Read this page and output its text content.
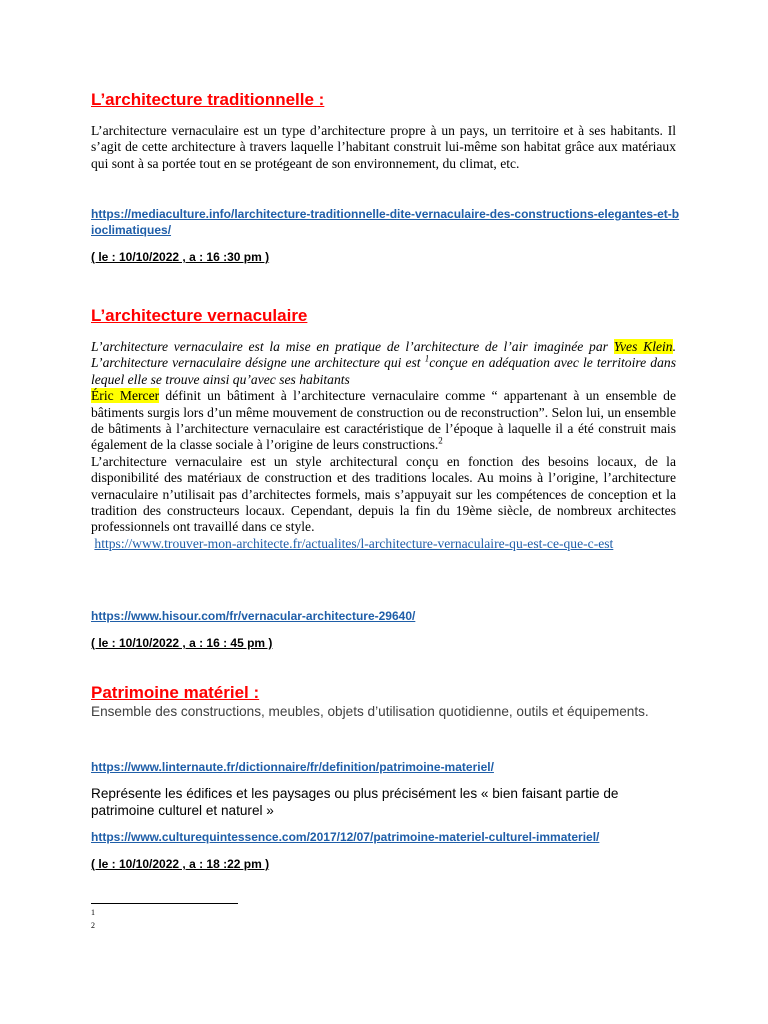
L’architecture traditionnelle :
L’architecture vernaculaire est un type d’architecture propre à un pays, un territoire et à ses habitants. Il s’agit de cette architecture à travers laquelle l’habitant construit lui-même son habitat grâce aux matériaux qui sont à sa portée tout en se protégeant de son environnement, du climat, etc.
https://mediaculture.info/larchitecture-traditionnelle-dite-vernaculaire-des-constructions-elegantes-et-bioclimatiques/
( le : 10/10/2022 , a : 16 :30 pm )
L’architecture vernaculaire
L’architecture vernaculaire est la mise en pratique de l’architecture de l’air imaginée par Yves Klein. L’architecture vernaculaire désigne une architecture qui est $^1$conçue en adéquation avec le territoire dans lequel elle se trouve ainsi qu’avec ses habitants
Éric Mercer définit un bâtiment à l’architecture vernaculaire comme “ appartenant à un ensemble de bâtiments surgis lors d’un même mouvement de construction ou de reconstruction”. Selon lui, un ensemble de bâtiments à l’architecture vernaculaire est caractéristique de l’époque à laquelle il a été construit mais également de la classe sociale à l’origine de leurs constructions.$^2$
L’architecture vernaculaire est un style architectural conçu en fonction des besoins locaux, de la disponibilité des matériaux de construction et des traditions locales. Au moins à l’origine, l’architecture vernaculaire n’utilisait pas d’architectes formels, mais s’appuyait sur les compétences de conception et la tradition des constructeurs locaux. Cependant, depuis la fin du 19ème siècle, de nombreux architectes professionnels ont travaillé dans ce style.
https://www.trouver-mon-architecte.fr/actualites/l-architecture-vernaculaire-qu-est-ce-que-c-est
https://www.hisour.com/fr/vernacular-architecture-29640/
( le : 10/10/2022 , a : 16 : 45 pm )
Patrimoine matériel :
Ensemble des constructions, meubles, objets d’utilisation quotidienne, outils et équipements.
https://www.linternaute.fr/dictionnaire/fr/definition/patrimoine-materiel/
Représente les édifices et les paysages ou plus précisément les « bien faisant partie de patrimoine culturel et naturel »
https://www.culturequintessence.com/2017/12/07/patrimoine-materiel-culturel-immateriel/
( le : 10/10/2022 , a : 18 :22 pm )
1
2
